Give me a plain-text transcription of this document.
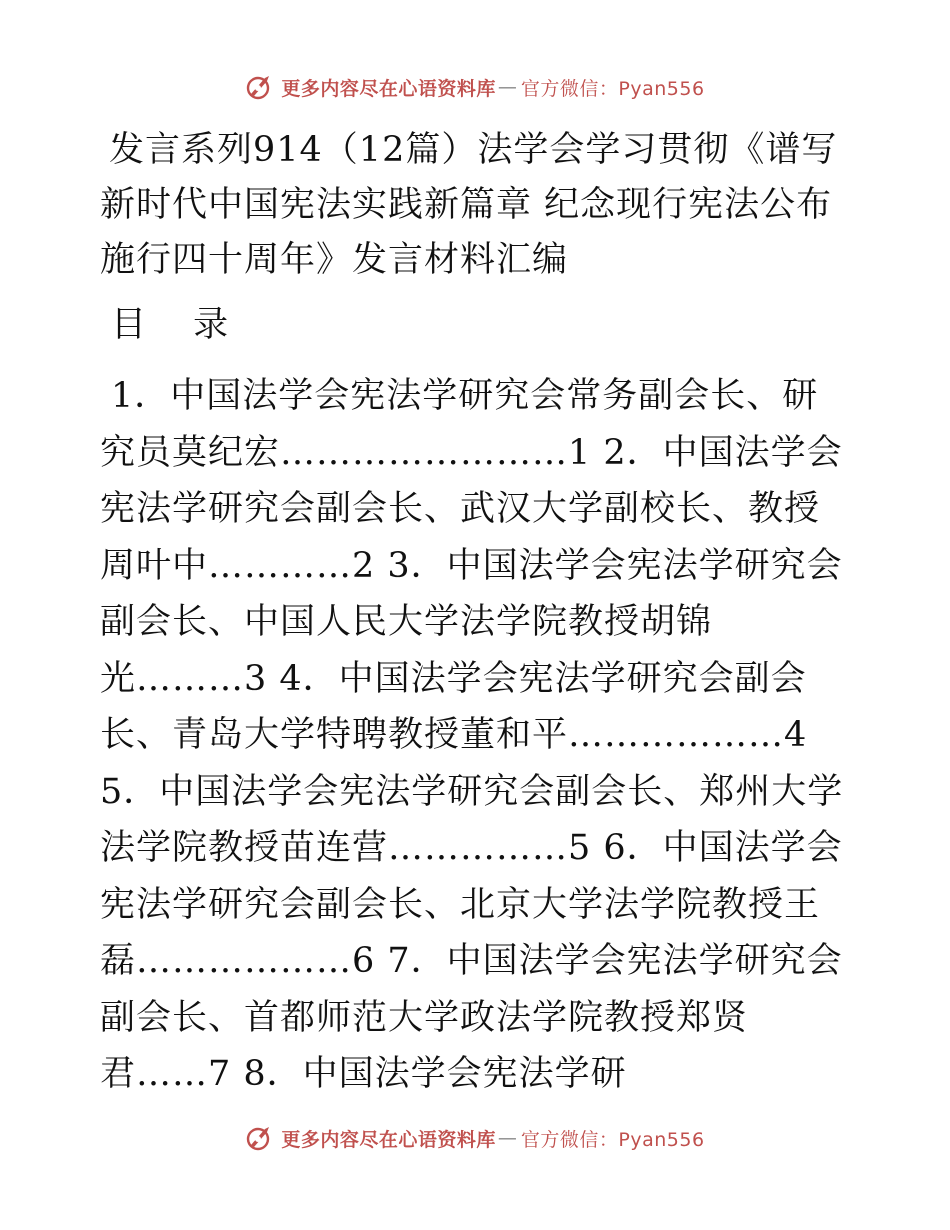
更多内容尽在心语资料库 — 官方微信：Pyan556
发言系列914（12篇）法学会学习贯彻《谱写新时代中国宪法实践新篇章 纪念现行宪法公布施行四十周年》发言材料汇编

目 录

1．中国法学会宪法学研究会常务副会长、研究员莫纪宏……………………1 2．中国法学会宪法学研究会副会长、武汉大学副校长、教授周叶中…………2 3．中国法学会宪法学研究会副会长、中国人民大学法学院教授胡锦光………3 4．中国法学会宪法学研究会副会长、青岛大学特聘教授董和平………………4 5．中国法学会宪法学研究会副会长、郑州大学法学院教授苗连营……………5 6．中国法学会宪法学研究会副会长、北京大学法学院教授王磊………………6 7．中国法学会宪法学研究会副会长、首都师范大学政法学院教授郑贤君……7 8．中国法学会宪法学研

更多内容尽在心语资料库 — 官方微信：Pyan556
